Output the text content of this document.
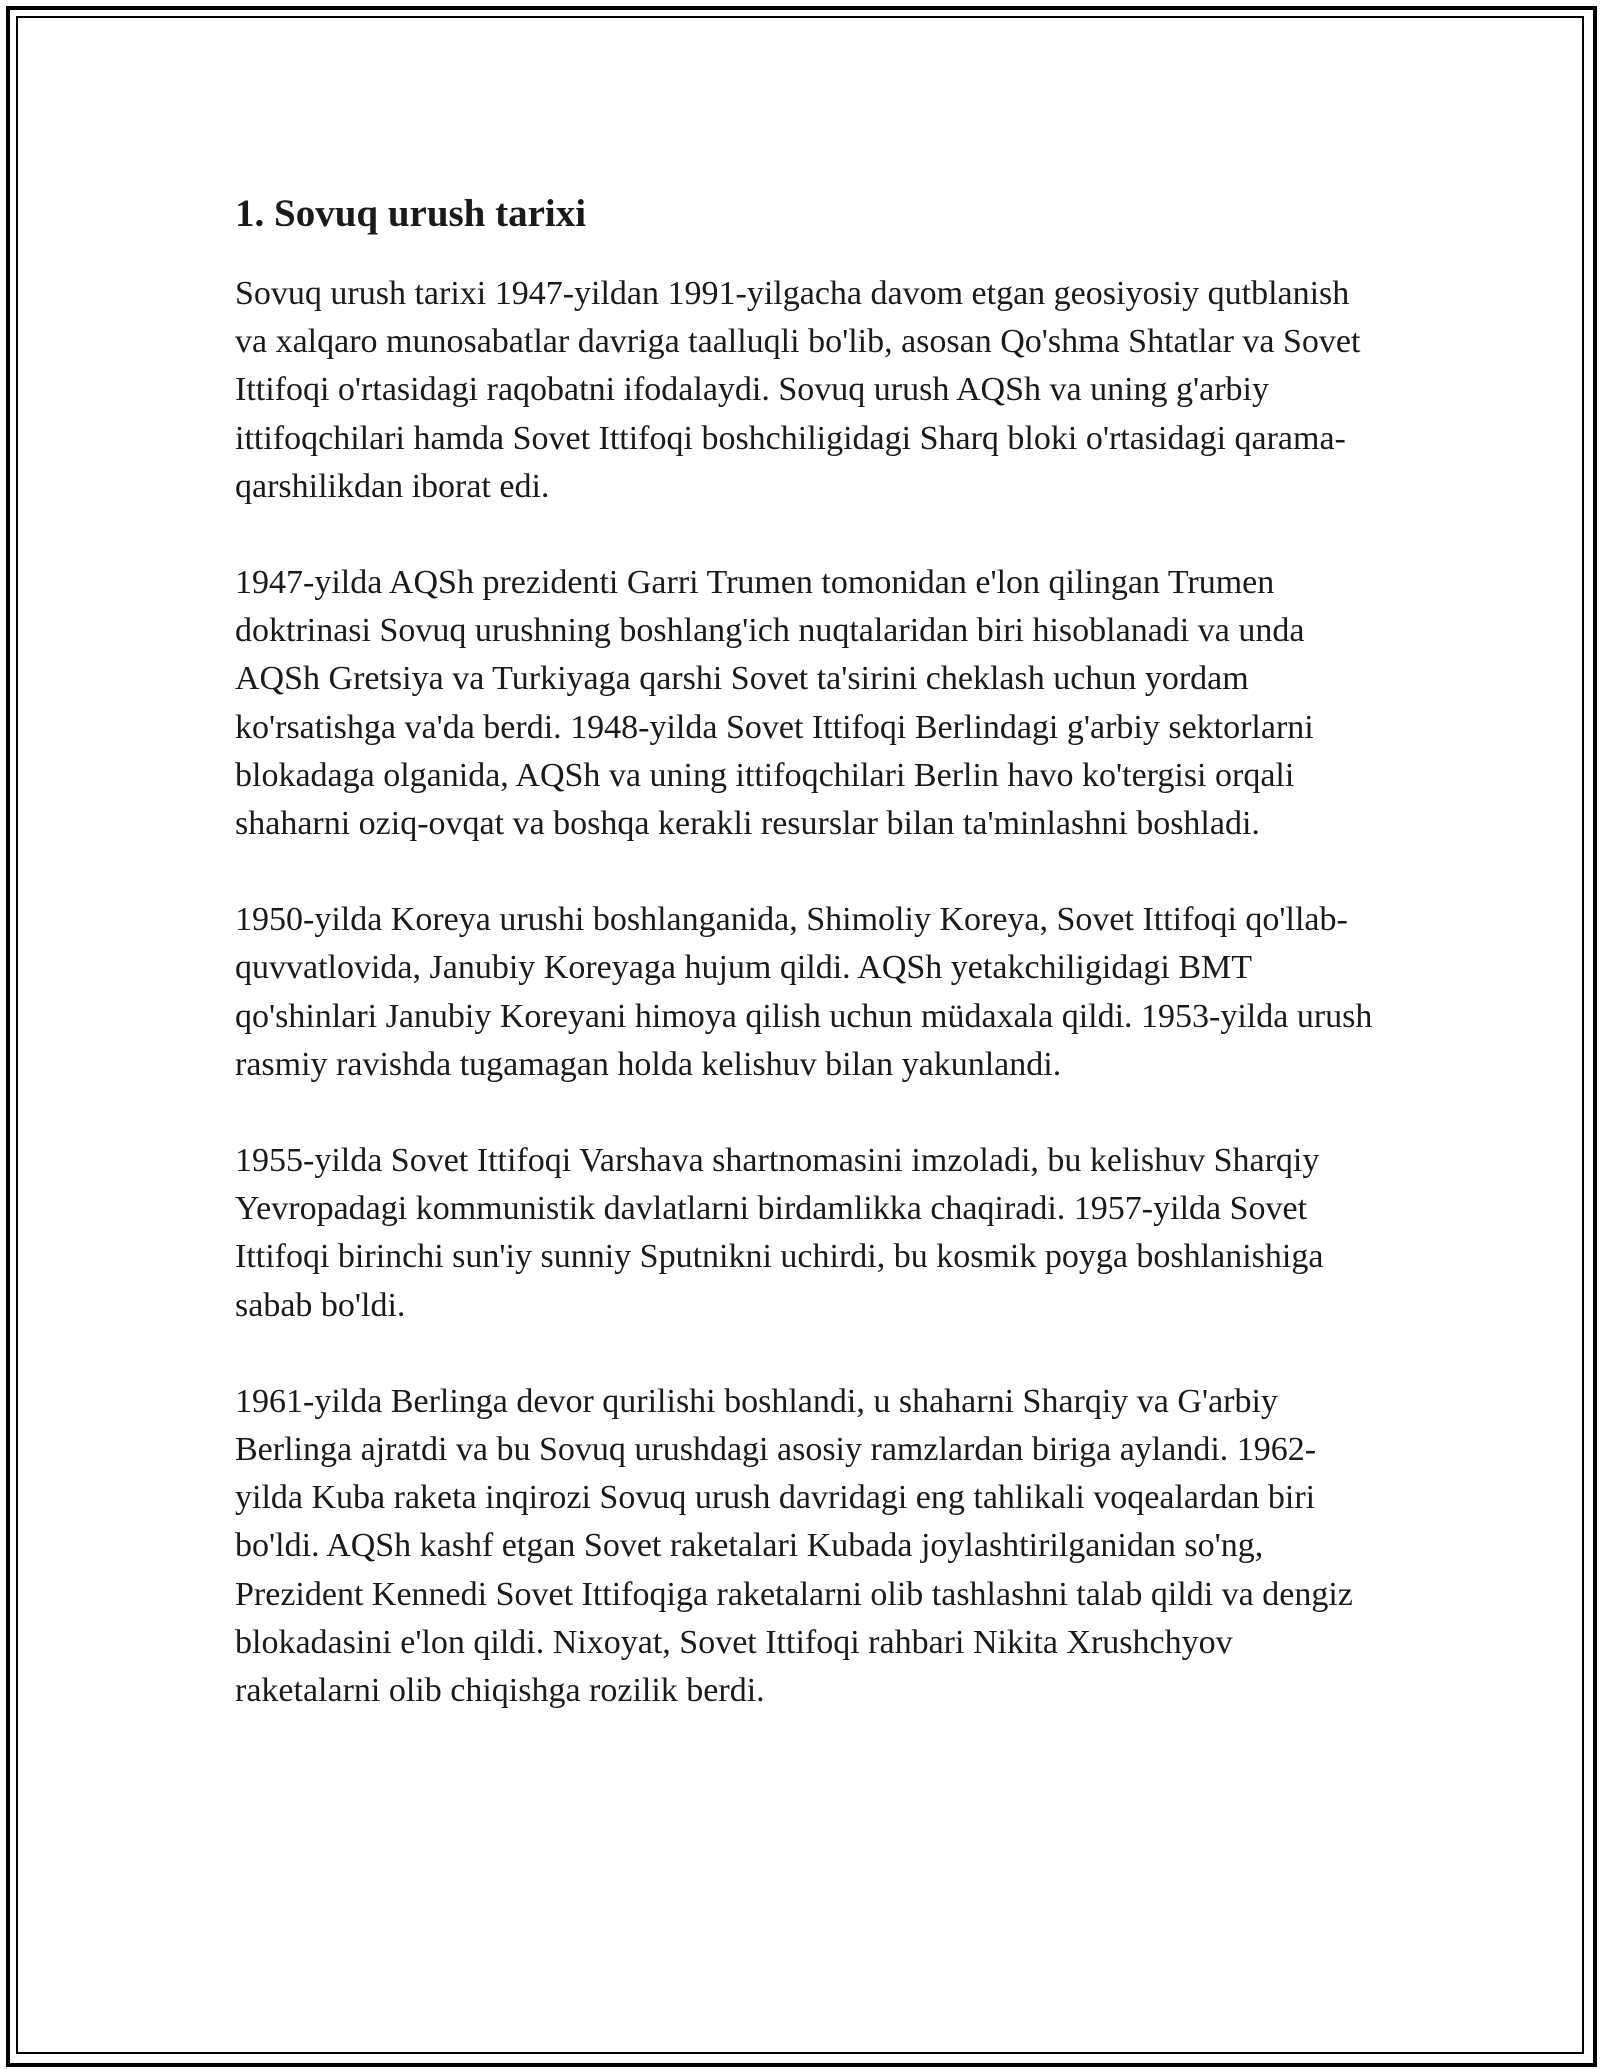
1. Sovuq urush tarixi

Sovuq urush tarixi 1947-yildan 1991-yilgacha davom etgan geosiyosiy qutblanish va xalqaro munosabatlar davriga taalluqli bo'lib, asosan Qo'shma Shtatlar va Sovet Ittifoqi o'rtasidagi raqobatni ifodalaydi. Sovuq urush AQSh va uning g'arbiy ittifoqchilari hamda Sovet Ittifoqi boshchiligidagi Sharq bloki o'rtasidagi qarama-qarshilikdan iborat edi.

1947-yilda AQSh prezidenti Garri Trumen tomonidan e'lon qilingan Trumen doktrinasi Sovuq urushning boshlang'ich nuqtalaridan biri hisoblanadi va unda AQSh Gretsiya va Turkiyaga qarshi Sovet ta'sirini cheklash uchun yordam ko'rsatishga va'da berdi. 1948-yilda Sovet Ittifoqi Berlindagi g'arbiy sektorlarni blokadaga olganida, AQSh va uning ittifoqchilari Berlin havo ko'tergisi orqali shaharni oziq-ovqat va boshqa kerakli resurslar bilan ta'minlashni boshladi.

1950-yilda Koreya urushi boshlanganida, Shimoliy Koreya, Sovet Ittifoqi qo'llab-quvvatlovida, Janubiy Koreyaga hujum qildi. AQSh yetakchiligidagi BMT qo'shinlari Janubiy Koreyani himoya qilish uchun müdaxala qildi. 1953-yilda urush rasmiy ravishda tugamagan holda kelishuv bilan yakunlandi.

1955-yilda Sovet Ittifoqi Varshava shartnomasini imzoladi, bu kelishuv Sharqiy Yevropadagi kommunistik davlatlarni birdamlikka chaqiradi. 1957-yilda Sovet Ittifoqi birinchi sun'iy sunniy Sputnikni uchirdi, bu kosmik poyga boshlanishiga sabab bo'ldi.

1961-yilda Berlinga devor qurilishi boshlandi, u shaharni Sharqiy va G'arbiy Berlinga ajratdi va bu Sovuq urushdagi asosiy ramzlardan biriga aylandi. 1962-yilda Kuba raketa inqirozi Sovuq urush davridagi eng tahlikali voqealardan biri bo'ldi. AQSh kashf etgan Sovet raketalari Kubada joylashtirilganidan so'ng, Prezident Kennedi Sovet Ittifoqiga raketalarni olib tashlashni talab qildi va dengiz blokadasini e'lon qildi. Nixoyat, Sovet Ittifoqi rahbari Nikita Xrushchyov raketalarni olib chiqishga rozilik berdi.
